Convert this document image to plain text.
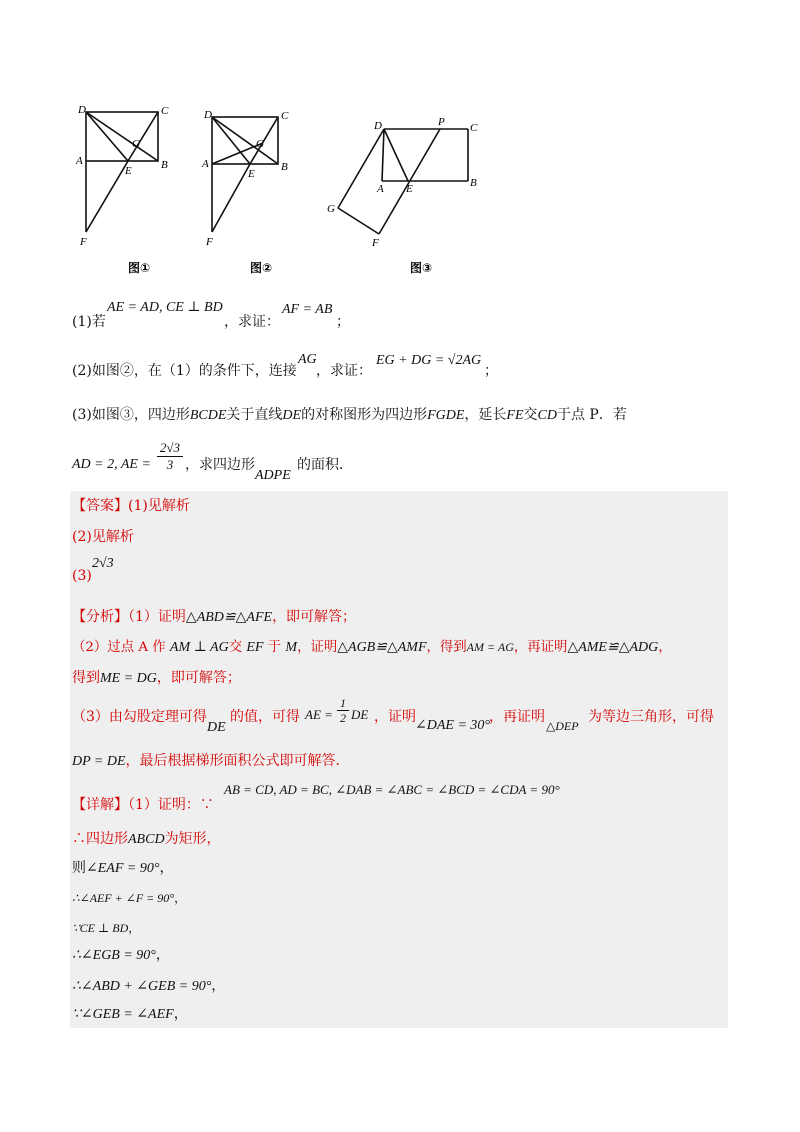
D	C
A
G
E	B
F
图①
D	C
A
G
E
B
F
图②
D	P C
A E	B
G
F
图③
(1)若
AE = AD, CE ⊥ BD
，求证：
AF = AB
；
(2)如图②，在（1）的条件下，连接
AG
，求证：
EG + DG = √2AG
；
(3)如图③，四边形BCDE关于直线DE的对称图形为四边形FGDE，延长FE交CD于点 P．若
AD = 2, AE = $\frac{2√3}{3}$ ，求四边形
ADPE
的面积．
【答案】(1)见解析
(2)见解析
(3)
2√3
【分析】（1）证明△ABD≌△AFE，即可解答；
（2）过点 A 作 AM ⊥ AG交 EF 于 M，证明△AGB≌△AMF，得到AM = AG，再证明△AME≌△ADG，
得到ME = DG，即可解答；
（3）由勾股定理可得
DE
的值，可得 AE = $\frac{1}{2}$ DE ，证明
∠DAE = 30°
，再证明
△DEP
为等边三角形，可得
DP = DE，最后根据梯形面积公式即可解答．
【详解】（1）证明：∵
AB = CD, AD = BC, ∠DAB = ∠ABC = ∠BCD = ∠CDA = 90°
∴四边形ABCD为矩形，
则∠EAF = 90°，
∴∠AEF + ∠F = 90°，
∵CE ⊥ BD，
∴∠EGB = 90°，
∴∠ABD + ∠GEB = 90°，
∵∠GEB = ∠AEF，
